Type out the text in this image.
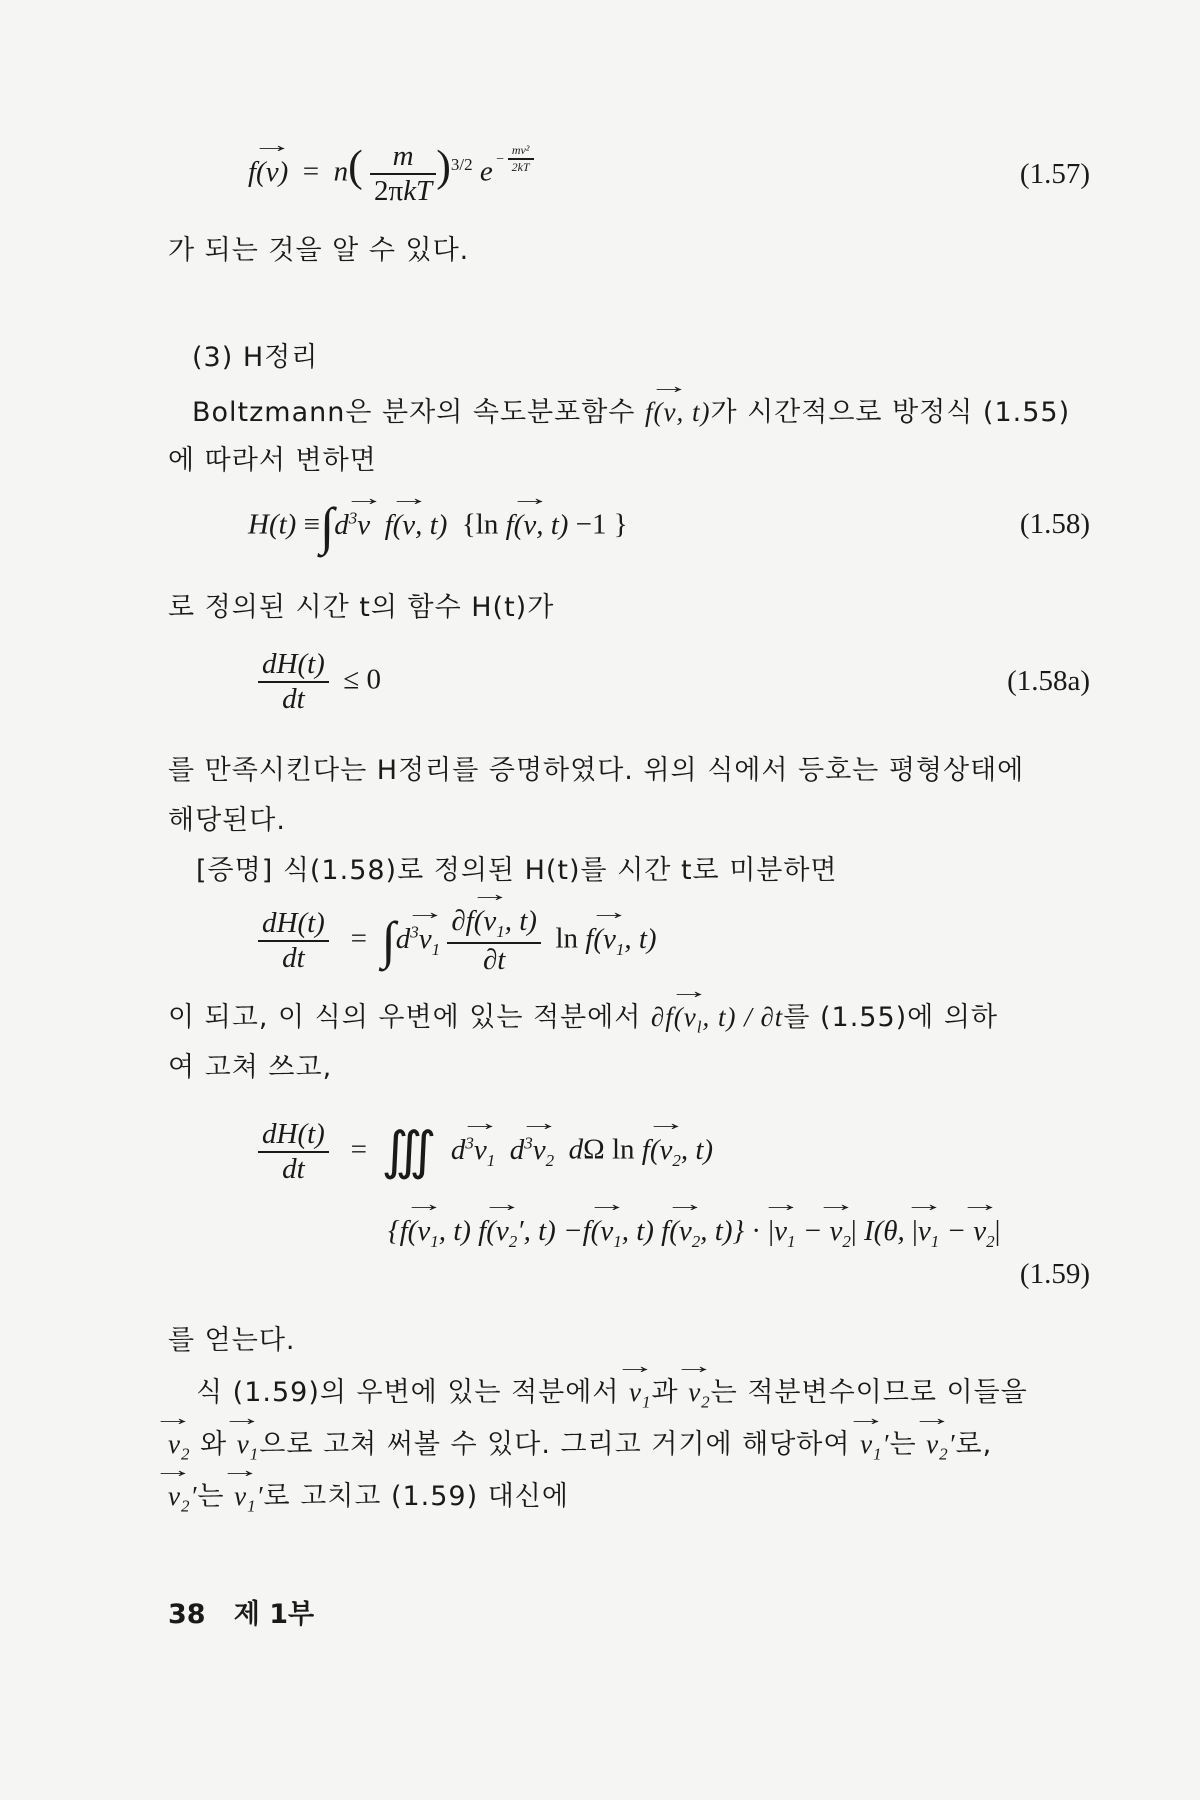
$f(\to v) = n( \frac{m}{\text{2πkT}} )^{3/2}$ e $^{- \frac{\text{mv²}}{2kT}}$	(1.57)
가 되는 것을 알 수 있다.
(3) H정리
Boltzmann은 분자의 속도분포함수 f(→ v, t)가 시간적으로 방정식 (1.55)
에 따라서 변하면
$H(t) \equiv\int d^3\to v$ f(→ v, t) {ln f(→ v, t) −1 }	(1.58)
로 정의된 시간 t의 함수 H(t)가
$\frac{dH(t)}{dt} \le 0$	(1.58a)
를 만족시킨다는 H정리를 증명하였다. 위의 식에서 등호는 평형상태에
해당된다.
[증명] 식(1.58)로 정의된 H(t)를 시간 t로 미분하면
$\frac{dH(t)}{dt} = \int d^3\to v_1 \frac{\partial f(\to v_1, t)}{\partial t}$ $\ln f(\to v_1$, t)
이 되고, 이 식의 우변에 있는 적분에서 $\partial f(\to v_l$, t) / ∂t를 (1.55)에 의하
여 고쳐 쓰고,
$\frac{dH(t)}{dt}$ =  ∭ $d^3\to v_1$ $d^3\to v_2$ dΩ $\ln f(\to v_2$, t)
{$f(\to v_1$, t) $f(\to v_2'$, $t) -f(\to v_1$, t) $f(\to v_2$, t)} · |→ $v_1$ − → $v_2|$ I(θ, |→ $v_1$ − → $v_2|$
(1.59)
를 얻는다.
식 (1.59)의 우변에 있는 적분에서 → $v_1$과 → $v_2$는 적분변수이므로 이들을
→ $v_2$ 와 → $v_1$으로 고쳐 써볼 수 있다. 그리고 거기에 해당하여 → $v_1'$는 → $v_2'$로,
→ $v_2'$는 → $v_1'$로 고치고 (1.59) 대신에
38 제 1부
